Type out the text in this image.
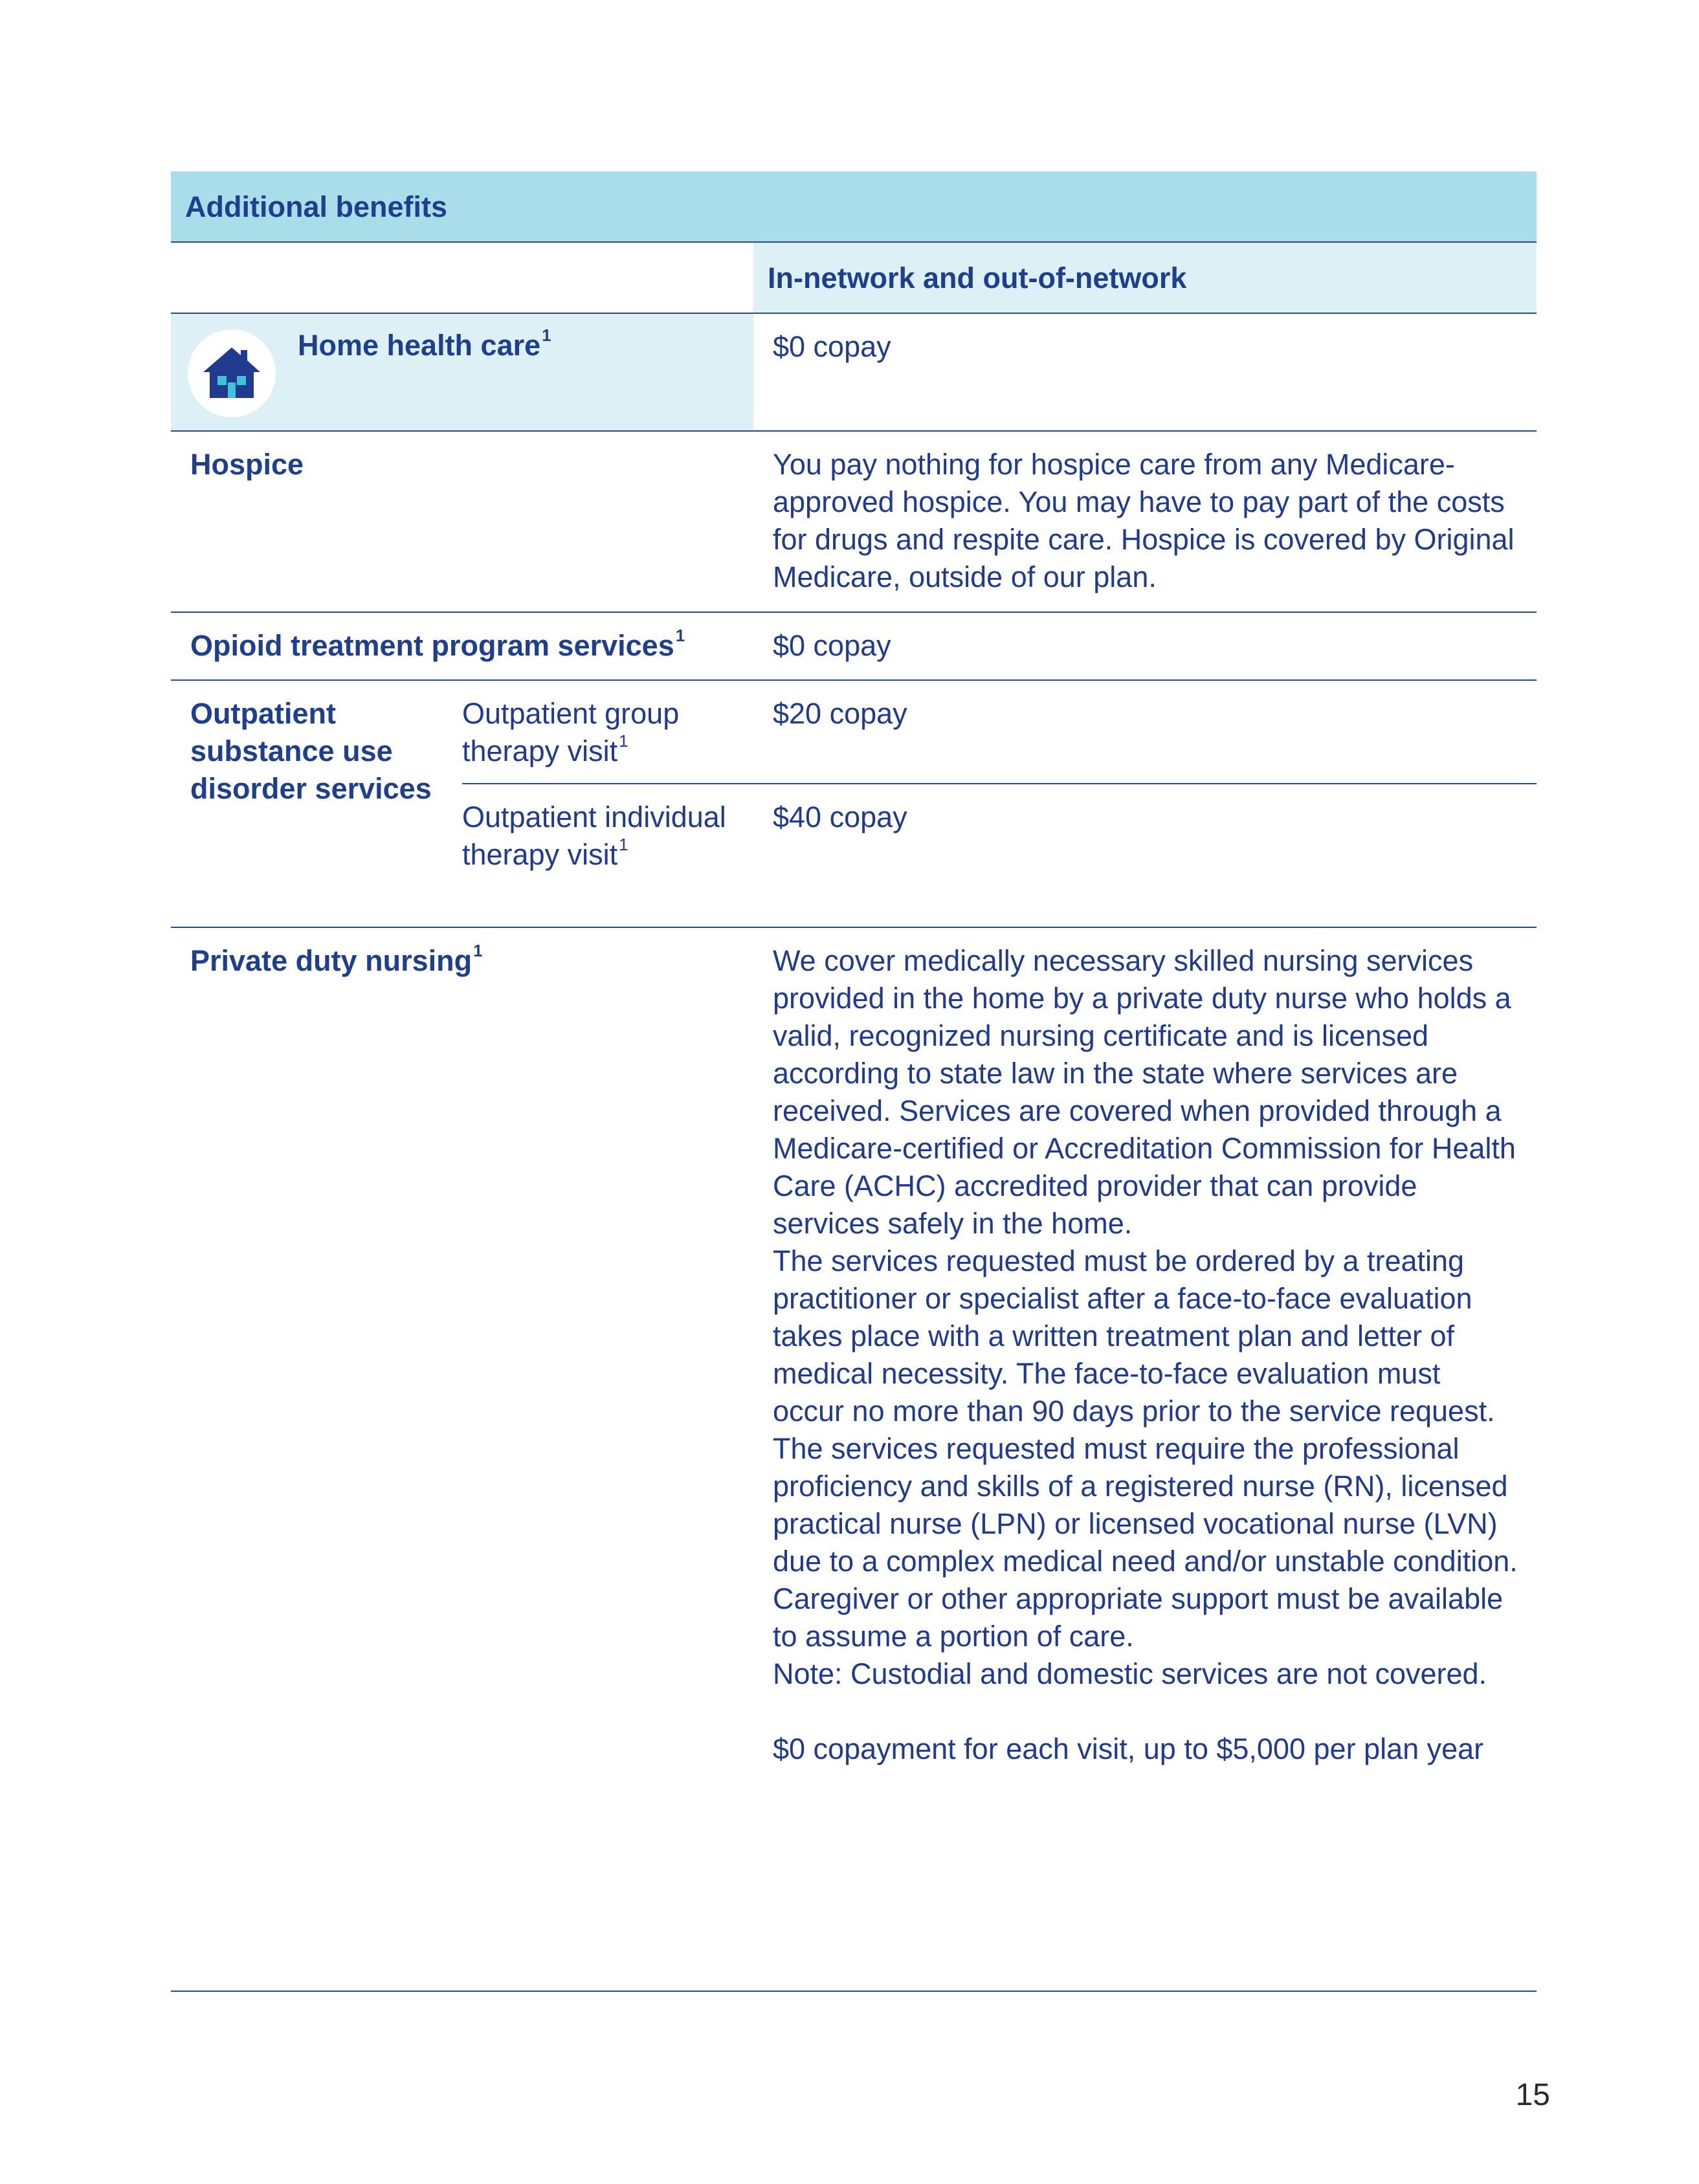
Additional benefits		

		In-network and out-of-network

Home health care$^1$		$0 copay

Hospice		You pay nothing for hospice care from any Medicare-approved hospice. You may have to pay part of the costs for drugs and respite care. Hospice is covered by Original Medicare, outside of our plan.

Opioid treatment program services$^1$		$0 copay

Outpatient substance use disorder services	Outpatient group therapy visit$^1$	$20 copay

	Outpatient individual therapy visit$^1$	$40 copay

Private duty nursing$^1$		We cover medically necessary skilled nursing services provided in the home by a private duty nurse who holds a valid, recognized nursing certificate and is licensed according to state law in the state where services are received. Services are covered when provided through a Medicare-certified or Accreditation Commission for Health Care (ACHC) accredited provider that can provide services safely in the home.
The services requested must be ordered by a treating practitioner or specialist after a face-to-face evaluation takes place with a written treatment plan and letter of medical necessity. The face-to-face evaluation must occur no more than 90 days prior to the service request.
The services requested must require the professional proficiency and skills of a registered nurse (RN), licensed practical nurse (LPN) or licensed vocational nurse (LVN) due to a complex medical need and/or unstable condition. Caregiver or other appropriate support must be available to assume a portion of care.
Note: Custodial and domestic services are not covered.
$0 copayment for each visit, up to $5,000 per plan year
15
